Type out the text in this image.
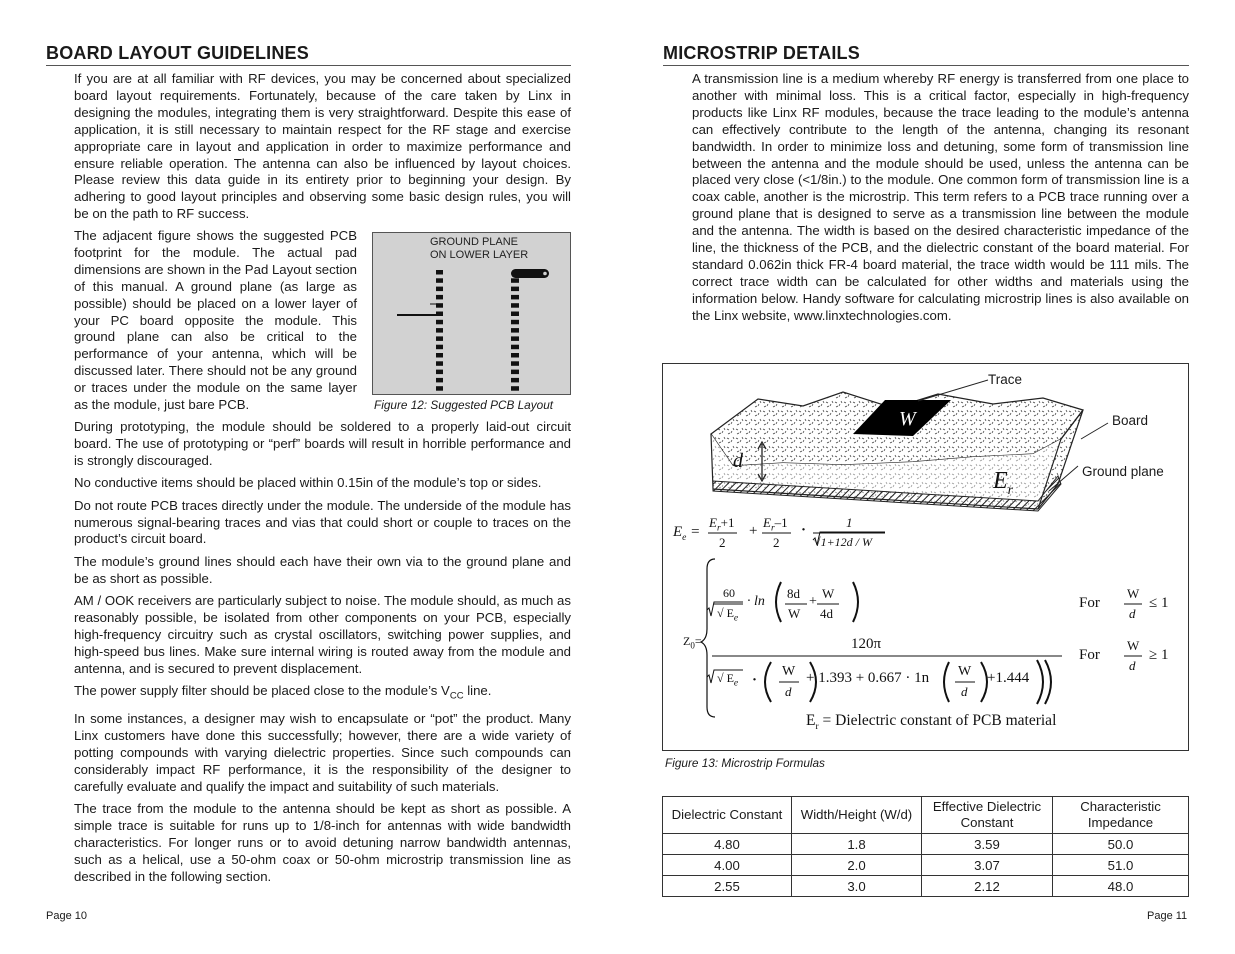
BOARD LAYOUT GUIDELINES

If you are at all familiar with RF devices, you may be concerned about specialized board layout requirements. Fortunately, because of the care taken by Linx in designing the modules, integrating them is very straightforward. Despite this ease of application, it is still necessary to maintain respect for the RF stage and exercise appropriate care in layout and application in order to maximize performance and ensure reliable operation. The antenna can also be influenced by layout choices. Please review this data guide in its entirety prior to beginning your design. By adhering to good layout principles and observing some basic design rules, you will be on the path to RF success.

The adjacent figure shows the suggested PCB footprint for the module. The actual pad dimensions are shown in the Pad Layout section of this manual. A ground plane (as large as possible) should be placed on a lower layer of your PC board opposite the module. This ground plane can also be critical to the performance of your antenna, which will be discussed later. There should not be any ground or traces under the module on the same layer as the module, just bare PCB.

GROUND PLANE
ON LOWER LAYER
Figure 12: Suggested PCB Layout

During prototyping, the module should be soldered to a properly laid-out circuit board. The use of prototyping or “perf” boards will result in horrible performance and is strongly discouraged.

No conductive items should be placed within 0.15in of the module’s top or sides.

Do not route PCB traces directly under the module. The underside of the module has numerous signal-bearing traces and vias that could short or couple to traces on the product’s circuit board.

The module’s ground lines should each have their own via to the ground plane and be as short as possible.

AM / OOK receivers are particularly subject to noise. The module should, as much as reasonably possible, be isolated from other components on your PCB, especially high-frequency circuitry such as crystal oscillators, switching power supplies, and high-speed bus lines. Make sure internal wiring is routed away from the module and antenna, and is secured to prevent displacement.

The power supply filter should be placed close to the module’s $V_{CC}$ line.

In some instances, a designer may wish to encapsulate or “pot” the product. Many Linx customers have done this successfully; however, there are a wide variety of potting compounds with varying dielectric properties. Since such compounds can considerably impact RF performance, it is the responsibility of the designer to carefully evaluate and qualify the impact and suitability of such materials.

The trace from the module to the antenna should be kept as short as possible. A simple trace is suitable for runs up to 1/8-inch for antennas with wide bandwidth characteristics. For longer runs or to avoid detuning narrow bandwidth antennas, such as a helical, use a 50-ohm coax or 50-ohm microstrip transmission line as described in the following section.

Page 10
MICROSTRIP DETAILS

A transmission line is a medium whereby RF energy is transferred from one place to another with minimal loss. This is a critical factor, especially in high-frequency products like Linx RF modules, because the trace leading to the module’s antenna can effectively contribute to the length of the antenna, changing its resonant bandwidth. In order to minimize loss and detuning, some form of transmission line between the antenna and the module should be used, unless the antenna can be placed very close (<1/8in.) to the module. One common form of transmission line is a coax cable, another is the microstrip. This term refers to a PCB trace running over a ground plane that is designed to serve as a transmission line between the module and the antenna. The width is based on the desired characteristic impedance of the line, the thickness of the PCB, and the dielectric constant of the board material. For standard 0.062in thick FR-4 board material, the trace width would be 111 mils. The correct trace width can be calculated for other widths and materials using the information below. Handy software for calculating microstrip lines is also available on the Linx website, www.linxtechnologies.com.

Trace
Board
Ground plane
W
d
$E_r$
$E_e$ =
$E_r+1$
2
+
$E_r-1$
2
·	1
√1+12d / W
$Z_0=$
60
√ $E_e$
· ln
8d
W
+
W
4d
120π
√ $E_e$ ·
W
d
+ 1.393 + 0.667 · 1n W
d
+1.444
For
W
d
≤ 1
For
W
d
≥ 1
$E_r$ = Dielectric constant of PCB material
Figure 13: Microstrip Formulas
Dielectric Constant	Width/Height (W/d)	Effective Dielectric Constant	Characteristic Impedance
4.80	1.8	3.59	50.0
4.00	2.0	3.07	51.0
2.55	3.0	2.12	48.0
Page 11
